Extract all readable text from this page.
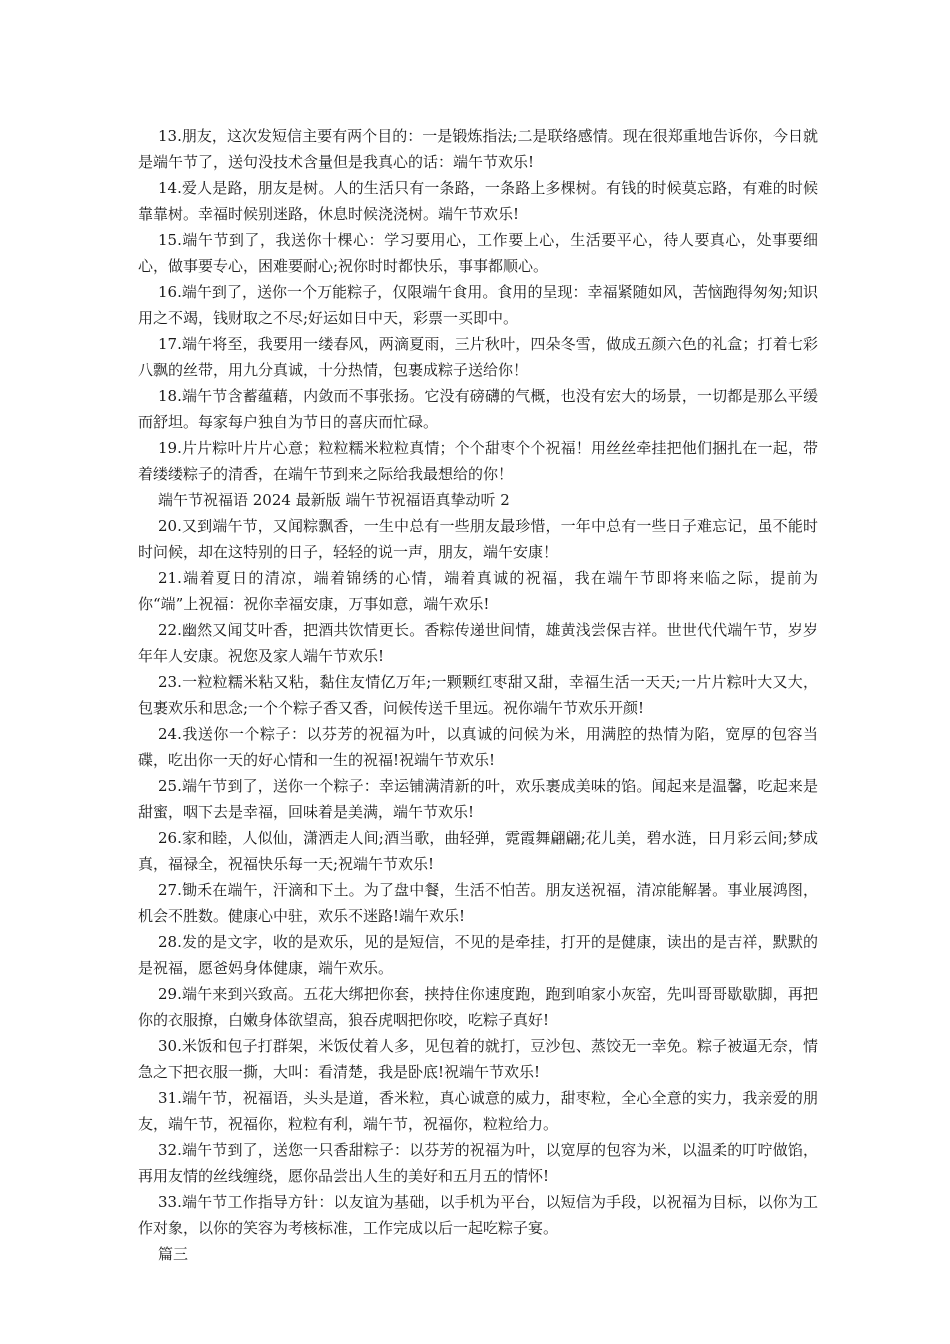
13.朋友，这次发短信主要有两个目的：一是锻炼指法;二是联络感情。现在很郑重地告诉你，今日就是端午节了，送句没技术含量但是我真心的话：端午节欢乐!

14.爱人是路，朋友是树。人的生活只有一条路，一条路上多棵树。有钱的时候莫忘路，有难的时候靠靠树。幸福时候别迷路，休息时候浇浇树。端午节欢乐!

15.端午节到了，我送你十棵心：学习要用心，工作要上心，生活要平心，待人要真心，处事要细心，做事要专心，困难要耐心;祝你时时都快乐，事事都顺心。

16.端午到了，送你一个万能粽子，仅限端午食用。食用的呈现：幸福紧随如风，苦恼跑得匆匆;知识用之不竭，钱财取之不尽;好运如日中天，彩票一买即中。

17.端午将至，我要用一缕春风，两滴夏雨，三片秋叶，四朵冬雪，做成五颜六色的礼盒；打着七彩八飘的丝带，用九分真诚，十分热情，包裹成粽子送给你！

18.端午节含蓄蕴藉，内敛而不事张扬。它没有磅礴的气概，也没有宏大的场景，一切都是那么平缓而舒坦。每家每户独自为节日的喜庆而忙碌。

19.片片粽叶片片心意；粒粒糯米粒粒真情；个个甜枣个个祝福！用丝丝牵挂把他们捆扎在一起，带着缕缕粽子的清香，在端午节到来之际给我最想给的你！

端午节祝福语 2024 最新版 端午节祝福语真挚动听 2

20.又到端午节，又闻粽飘香，一生中总有一些朋友最珍惜，一年中总有一些日子难忘记，虽不能时时问候，却在这特别的日子，轻轻的说一声，朋友，端午安康！

21.端着夏日的清凉，端着锦绣的心情，端着真诚的祝福，我在端午节即将来临之际，提前为你“端”上祝福：祝你幸福安康，万事如意，端午欢乐!

22.幽然又闻艾叶香，把酒共饮情更长。香粽传递世间情，雄黄浅尝保吉祥。世世代代端午节，岁岁年年人安康。祝您及家人端午节欢乐!

23.一粒粒糯米粘又粘，黏住友情亿万年;一颗颗红枣甜又甜，幸福生活一天天;一片片粽叶大又大，包裹欢乐和思念;一个个粽子香又香，问候传送千里远。祝你端午节欢乐开颜!

24.我送你一个粽子：以芬芳的祝福为叶，以真诚的问候为米，用满腔的热情为陷，宽厚的包容当碟，吃出你一天的好心情和一生的祝福!祝端午节欢乐!

25.端午节到了，送你一个粽子：幸运铺满清新的叶，欢乐裹成美味的馅。闻起来是温馨，吃起来是甜蜜，咽下去是幸福，回味着是美满，端午节欢乐!

26.家和睦，人似仙，潇洒走人间;酒当歌，曲轻弹，霓霞舞翩翩;花儿美，碧水涟，日月彩云间;梦成真，福禄全，祝福快乐每一天;祝端午节欢乐!

27.锄禾在端午，汗滴和下土。为了盘中餐，生活不怕苦。朋友送祝福，清凉能解暑。事业展鸿图，机会不胜数。健康心中驻，欢乐不迷路!端午欢乐!

28.发的是文字，收的是欢乐，见的是短信，不见的是牵挂，打开的是健康，读出的是吉祥，默默的是祝福，愿爸妈身体健康，端午欢乐。

29.端午来到兴致高。五花大绑把你套，挟持住你速度跑，跑到咱家小灰窑，先叫哥哥歇歇脚，再把你的衣服撩，白嫩身体欲望高，狼吞虎咽把你咬，吃粽子真好!

30.米饭和包子打群架，米饭仗着人多，见包着的就打，豆沙包、蒸饺无一幸免。粽子被逼无奈，情急之下把衣服一撕，大叫：看清楚，我是卧底!祝端午节欢乐!

31.端午节，祝福语，头头是道，香米粒，真心诚意的威力，甜枣粒，全心全意的实力，我亲爱的朋友，端午节，祝福你，粒粒有利，端午节，祝福你，粒粒给力。

32.端午节到了，送您一只香甜粽子：以芬芳的祝福为叶，以宽厚的包容为米，以温柔的叮咛做馅，再用友情的丝线缠绕，愿你品尝出人生的美好和五月五的情怀!

33.端午节工作指导方针：以友谊为基础，以手机为平台，以短信为手段，以祝福为目标，以你为工作对象，以你的笑容为考核标准，工作完成以后一起吃粽子宴。

篇三
